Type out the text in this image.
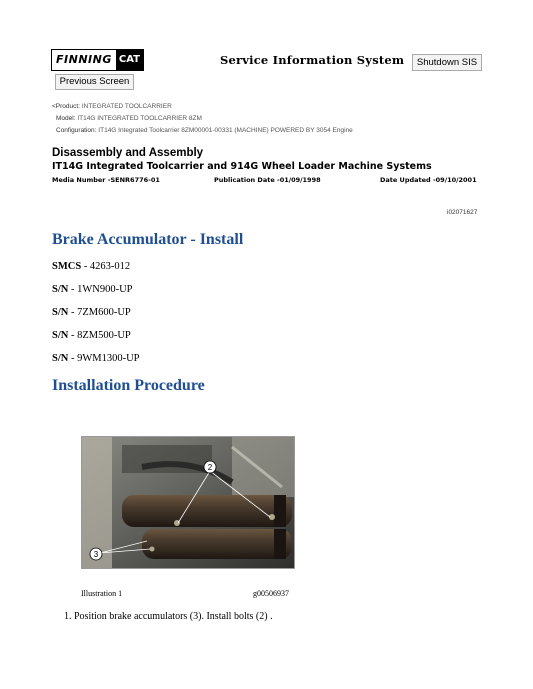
FINNING CAT	Service Information System	Shutdown SIS
Previous Screen
<Product: INTEGRATED TOOLCARRIER
Model: IT14G INTEGRATED TOOLCARRIER 8ZM
Configuration: IT14G Integrated Toolcarrier 8ZM00001-00331 (MACHINE) POWERED BY 3054 Engine
Disassembly and Assembly
IT14G Integrated Toolcarrier and 914G Wheel Loader Machine Systems
Media Number -SENR6776-01	Publication Date -01/09/1998	Date Updated -09/10/2001
i02071627
Brake Accumulator - Install
SMCS - 4263-012
S/N - 1WN900-UP
S/N - 7ZM600-UP
S/N - 8ZM500-UP
S/N - 9WM1300-UP
Installation Procedure
2
3
Illustration 1	g00506937
1. Position brake accumulators (3). Install bolts (2) .
